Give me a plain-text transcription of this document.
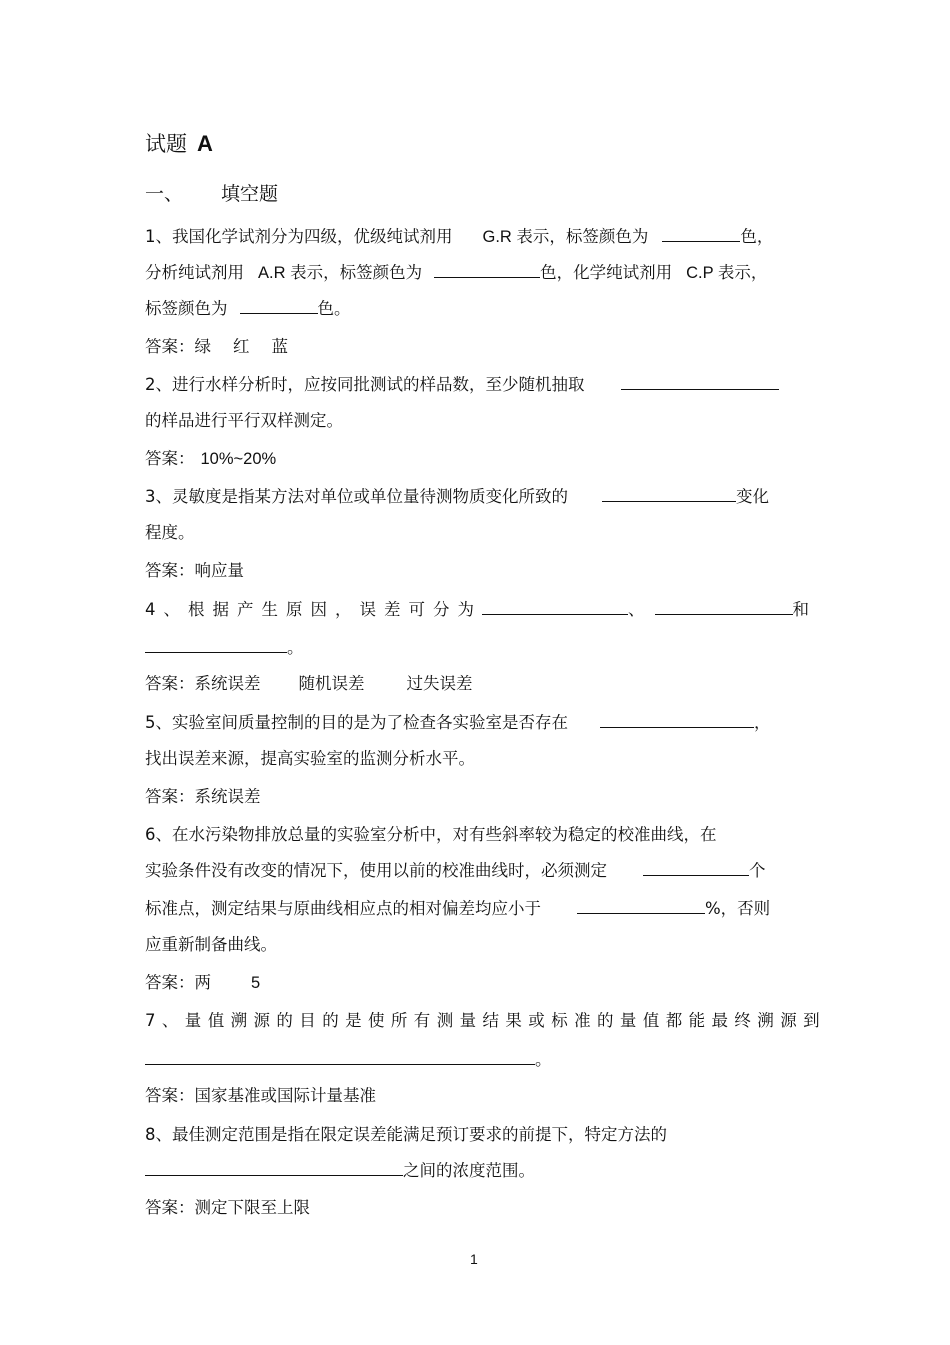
试题 A
一、 填空题
1、我国化学试剂分为四级，优级纯试剂用 G.R 表示，标签颜色为	色，
分析纯试剂用 A.R 表示，标签颜色为	色，化学纯试剂用 C.P 表示，
标签颜色为	色。
答案：绿 红 蓝
2、进行水样分析时，应按同批测试的样品数，至少随机抽取
的样品进行平行双样测定。
答案： 10%~20%
3、灵敏度是指某方法对单位或单位量待测物质变化所致的	变化
程度。
答案：响应量
4、根据产生原因，误差可分为	、	和
。
答案：系统误差 随机误差	过失误差
5、实验室间质量控制的目的是为了检查各实验室是否存在	，
找出误差来源，提高实验室的监测分析水平。
答案：系统误差
6、在水污染物排放总量的实验室分析中，对有些斜率较为稳定的校准曲线，在
实验条件没有改变的情况下，使用以前的校准曲线时，必须测定	个
标准点，测定结果与原曲线相应点的相对偏差均应小于	%，否则
应重新制备曲线。
答案：两 5
7、量值溯源的目的是使所有测量结果或标准的量值都能最终溯源到
。
答案：国家基准或国际计量基准
8、最佳测定范围是指在限定误差能满足预订要求的前提下，特定方法的
之间的浓度范围。
答案：测定下限至上限
1
